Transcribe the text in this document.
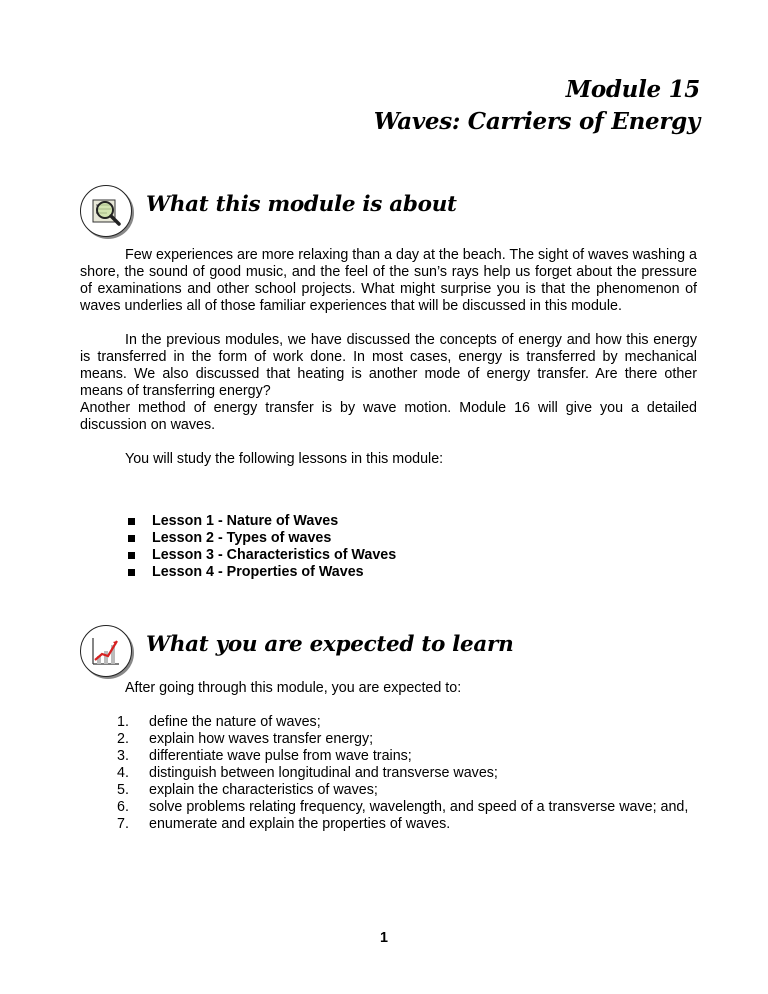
Module 15
Waves: Carriers of Energy
What this module is about

Few experiences are more relaxing than a day at the beach. The sight of waves washing a shore, the sound of good music, and the feel of the sun’s rays help us forget about the pressure of examinations and other school projects. What might surprise you is that the phenomenon of waves underlies all of those familiar experiences that will be discussed in this module.

In the previous modules, we have discussed the concepts of energy and how this energy is transferred in the form of work done. In most cases, energy is transferred by mechanical means. We also discussed that heating is another mode of energy transfer. Are there other means of transferring energy?

Another method of energy transfer is by wave motion. Module 16 will give you a detailed discussion on waves.

You will study the following lessons in this module:

Lesson 1 - Nature of Waves
Lesson 2 - Types of waves
Lesson 3 - Characteristics of Waves
Lesson 4 - Properties of Waves
What you are expected to learn

After going through this module, you are expected to:

1.	define the nature of waves;
2.	explain how waves transfer energy;
3.	differentiate wave pulse from wave trains;
4.	distinguish between longitudinal and transverse waves;
5.	explain the characteristics of waves;
6.	solve problems relating frequency, wavelength, and speed of a transverse wave; and,
7.	enumerate and explain the properties of waves.
1
